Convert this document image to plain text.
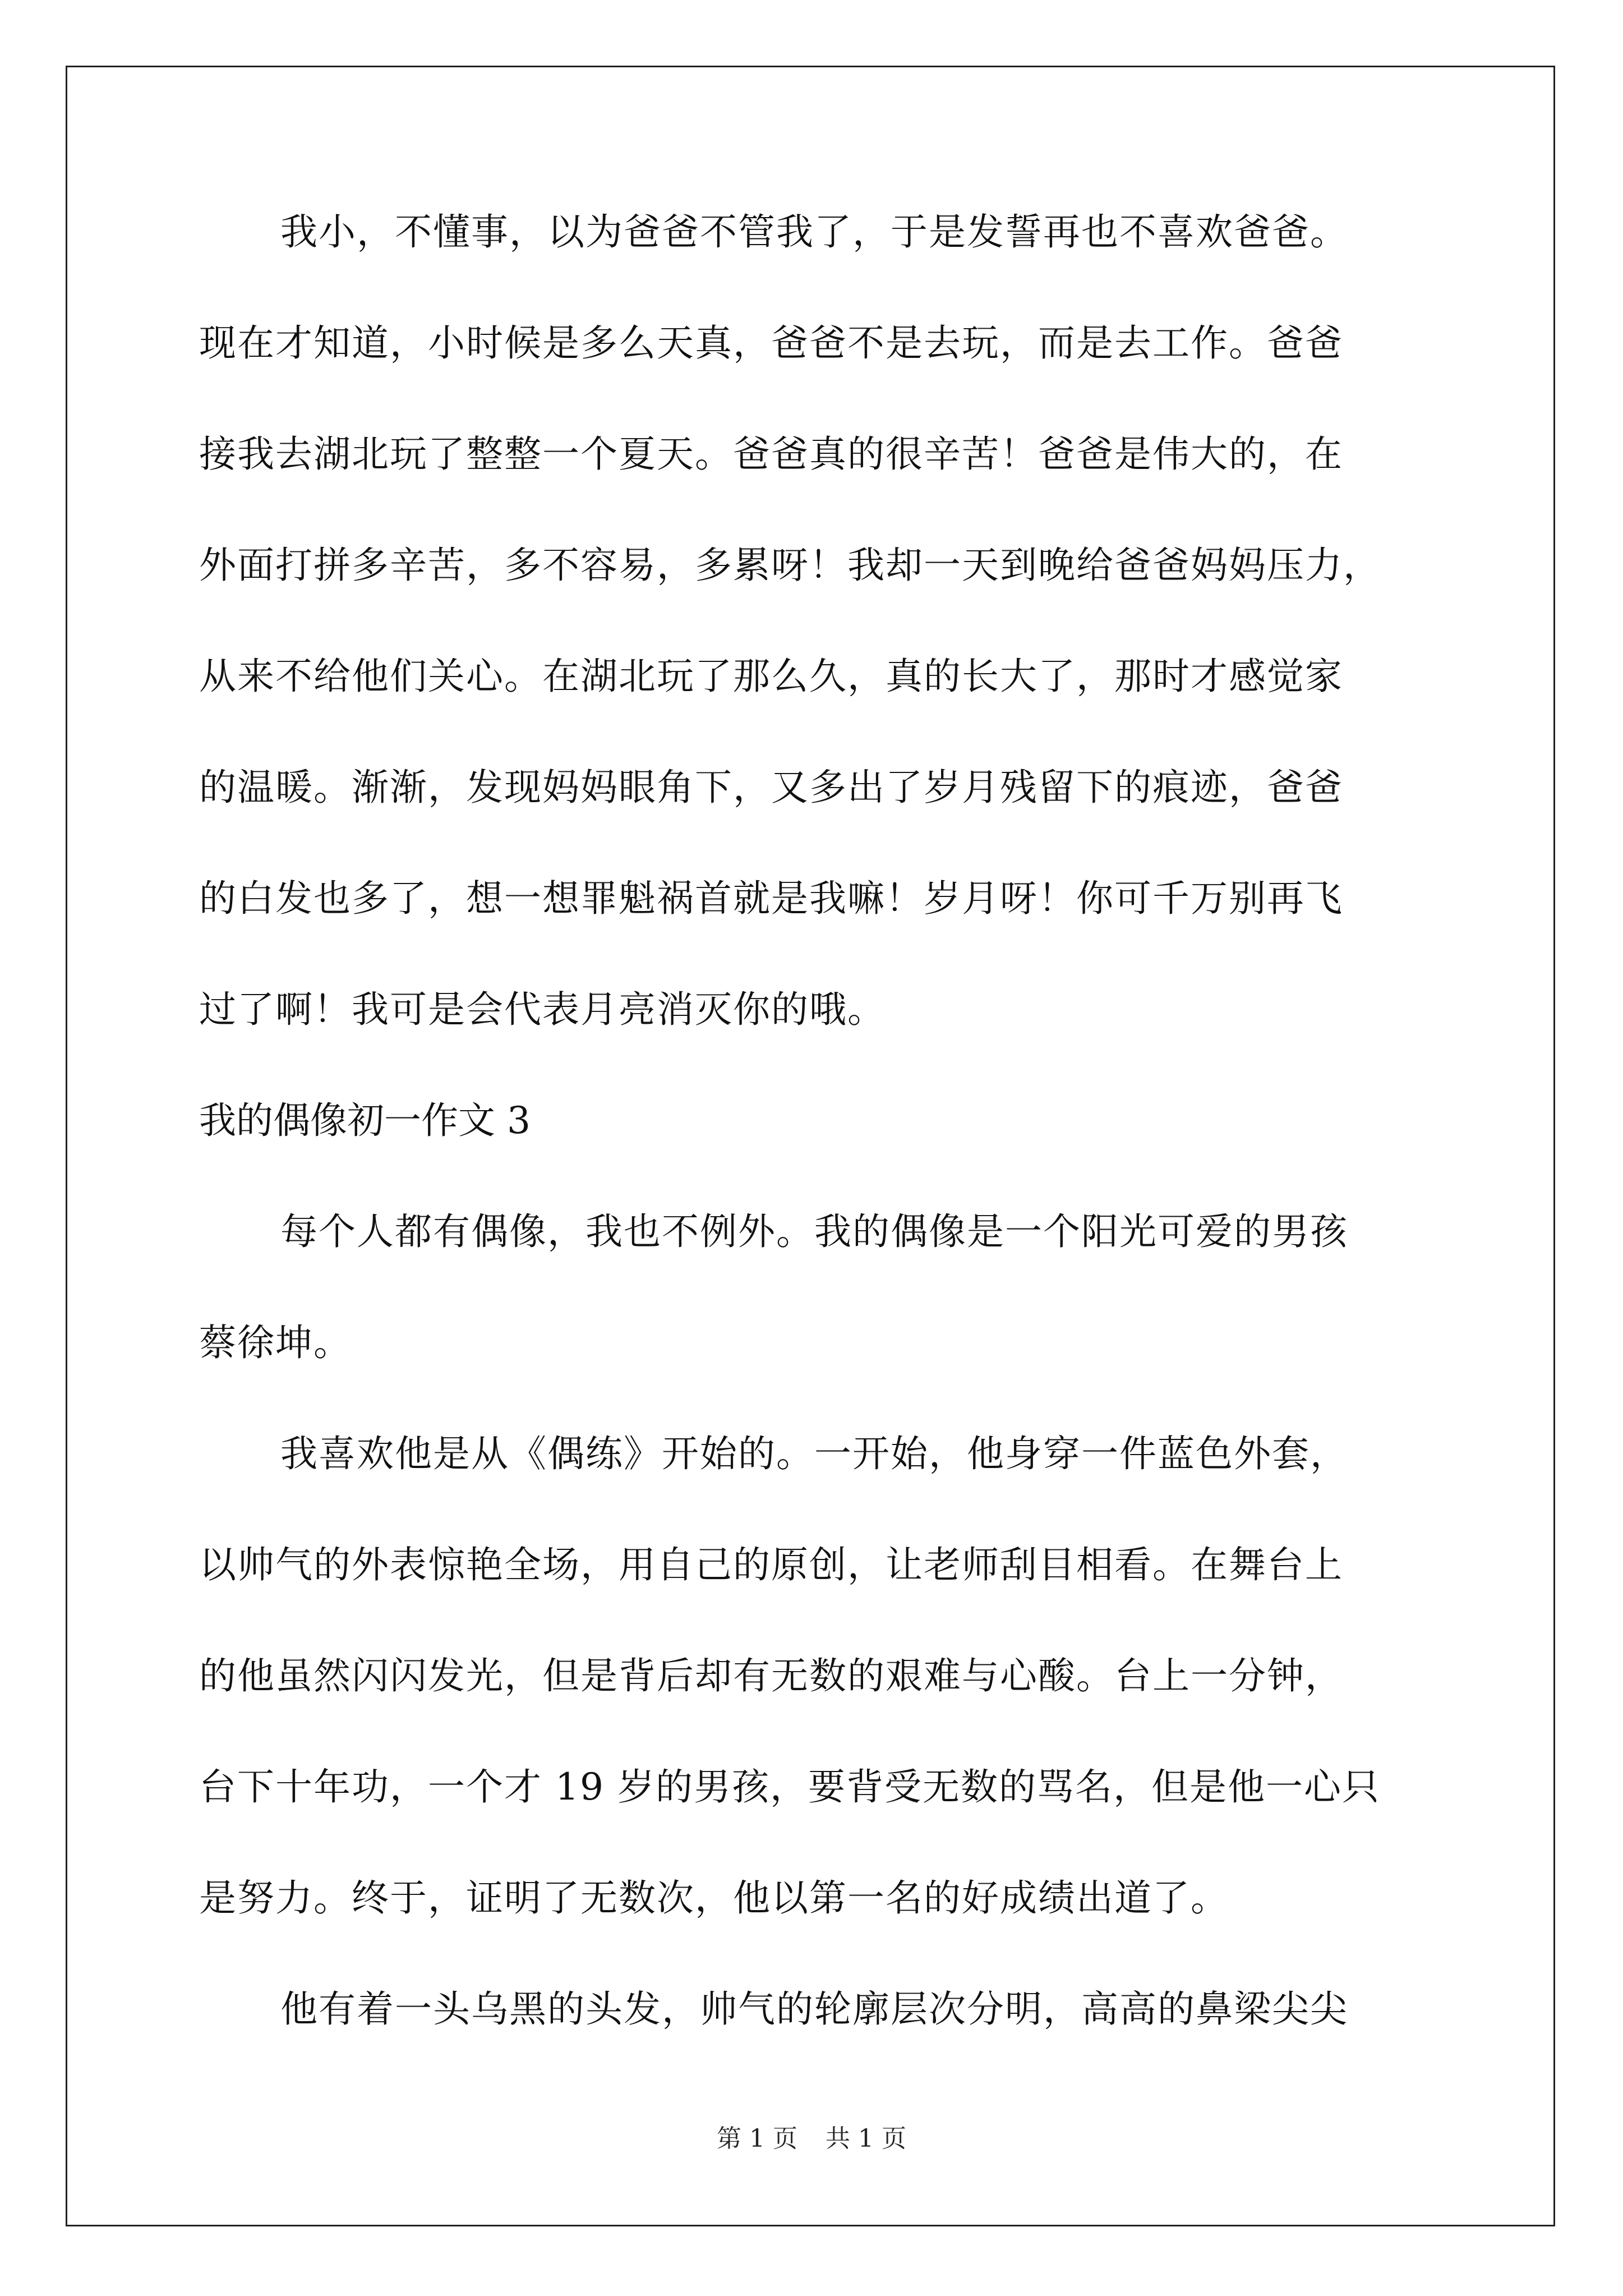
我小，不懂事，以为爸爸不管我了，于是发誓再也不喜欢爸爸。
现在才知道，小时候是多么天真，爸爸不是去玩，而是去工作。爸爸
接我去湖北玩了整整一个夏天。爸爸真的很辛苦！爸爸是伟大的，在
外面打拼多辛苦，多不容易，多累呀！我却一天到晚给爸爸妈妈压力，
从来不给他们关心。在湖北玩了那么久，真的长大了，那时才感觉家
的温暖。渐渐，发现妈妈眼角下，又多出了岁月残留下的痕迹，爸爸
的白发也多了，想一想罪魁祸首就是我嘛！岁月呀！你可千万别再飞
过了啊！我可是会代表月亮消灭你的哦。
我的偶像初一作文 3
每个人都有偶像，我也不例外。我的偶像是一个阳光可爱的男孩
蔡徐坤。
我喜欢他是从《偶练》开始的。一开始，他身穿一件蓝色外套，
以帅气的外表惊艳全场，用自己的原创，让老师刮目相看。在舞台上
的他虽然闪闪发光，但是背后却有无数的艰难与心酸。台上一分钟，
台下十年功，一个才 19 岁的男孩，要背受无数的骂名，但是他一心只
是努力。终于，证明了无数次，他以第一名的好成绩出道了。
他有着一头乌黑的头发，帅气的轮廓层次分明，高高的鼻梁尖尖
第 1 页 共 1 页
